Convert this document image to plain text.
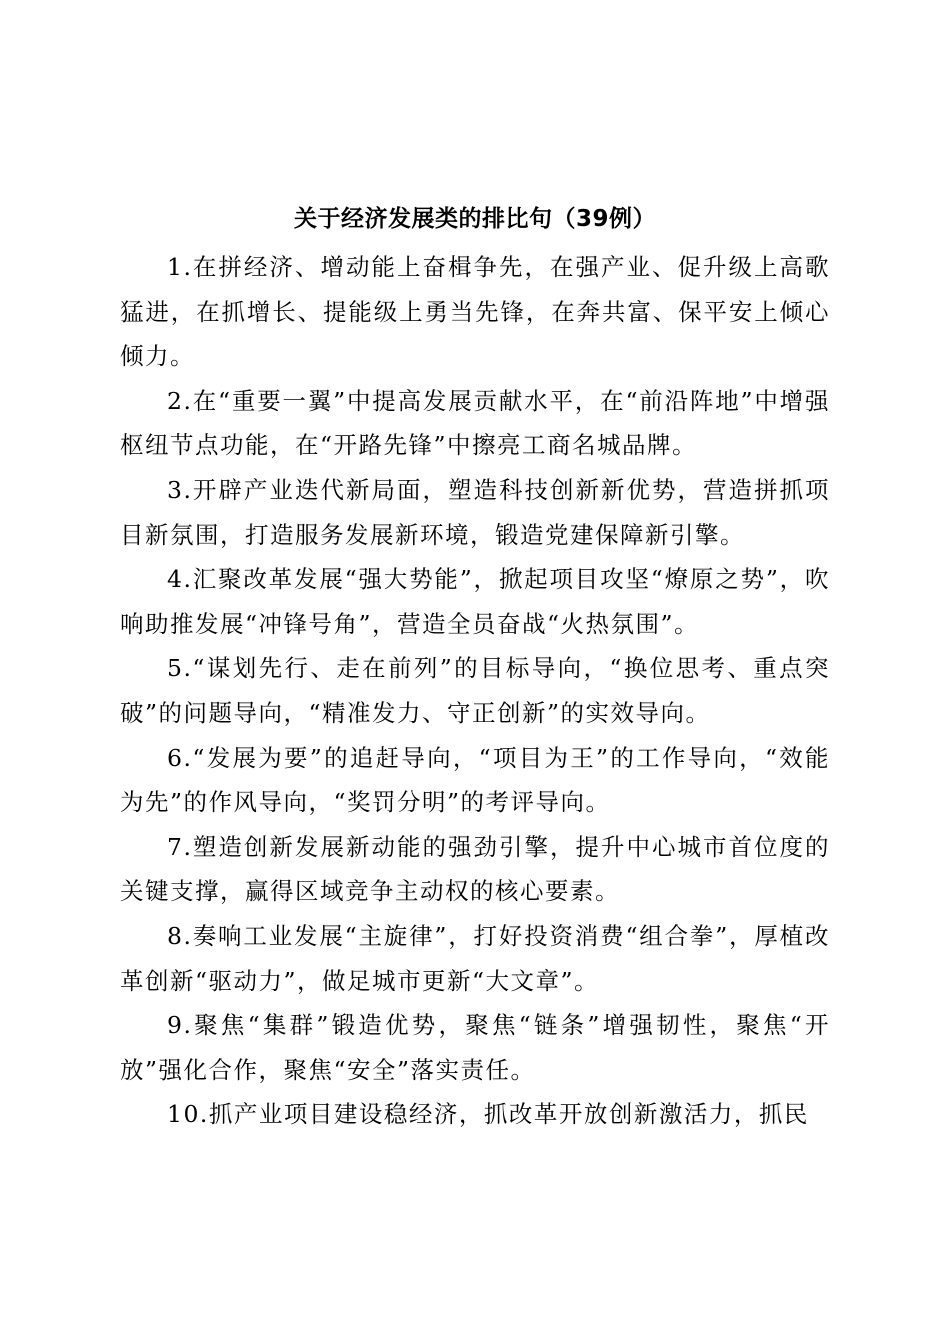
关于经济发展类的排比句（39例）

1.在拼经济、增动能上奋楫争先，在强产业、促升级上高歌猛进，在抓增长、提能级上勇当先锋，在奔共富、保平安上倾心倾力。

2.在“重要一翼”中提高发展贡献水平，在“前沿阵地”中增强枢纽节点功能，在“开路先锋”中擦亮工商名城品牌。

3.开辟产业迭代新局面，塑造科技创新新优势，营造拼抓项目新氛围，打造服务发展新环境，锻造党建保障新引擎。

4.汇聚改革发展“强大势能”，掀起项目攻坚“燎原之势”，吹响助推发展“冲锋号角”，营造全员奋战“火热氛围”。

5.“谋划先行、走在前列”的目标导向，“换位思考、重点突破”的问题导向，“精准发力、守正创新”的实效导向。

6.“发展为要”的追赶导向，“项目为王”的工作导向，“效能为先”的作风导向，“奖罚分明”的考评导向。

7.塑造创新发展新动能的强劲引擎，提升中心城市首位度的关键支撑，赢得区域竞争主动权的核心要素。

8.奏响工业发展“主旋律”，打好投资消费“组合拳”，厚植改革创新“驱动力”，做足城市更新“大文章”。

9.聚焦“集群”锻造优势，聚焦“链条”增强韧性，聚焦“开放”强化合作，聚焦“安全”落实责任。

10.抓产业项目建设稳经济，抓改革开放创新激活力，抓民
